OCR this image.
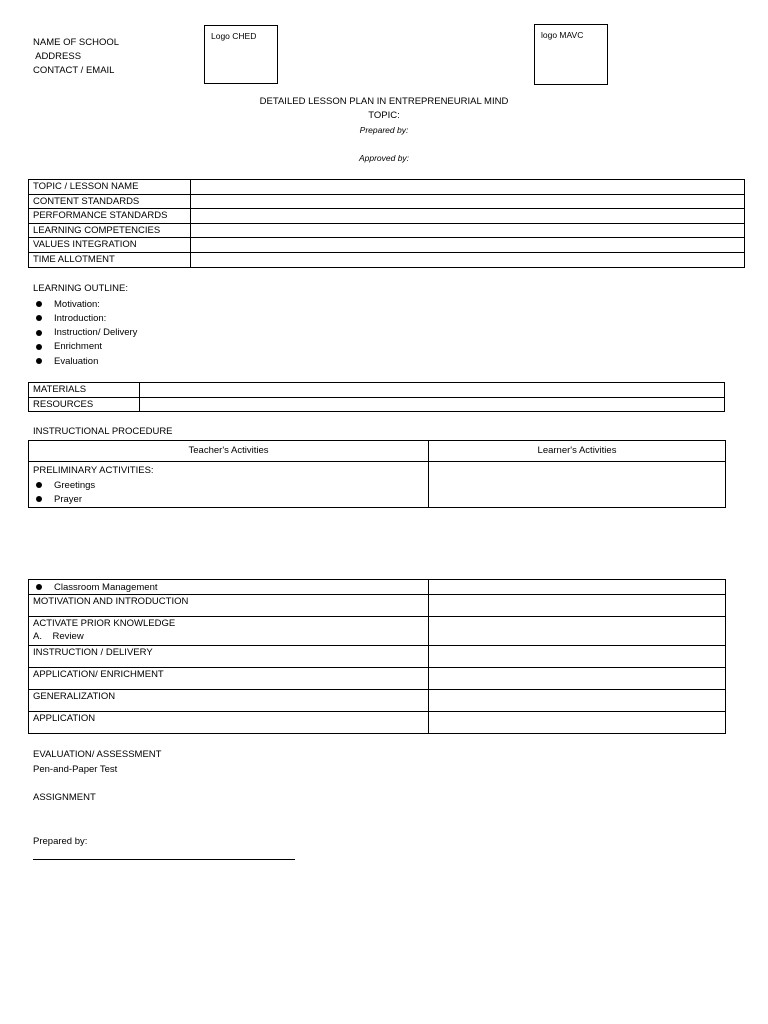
NAME OF SCHOOL
ADDRESS
CONTACT / EMAIL
Logo CHED	logo MAVC
DETAILED LESSON PLAN IN ENTREPRENEURIAL MIND
TOPIC:
Prepared by:
Approved by:
TOPIC / LESSON NAME	
CONTENT STANDARDS	
PERFORMANCE STANDARDS	
LEARNING COMPETENCIES	
VALUES INTEGRATION	
TIME ALLOTMENT	
LEARNING OUTLINE:
Motivation:
Introduction:
Instruction/ Delivery
Enrichment
Evaluation
MATERIALS	
RESOURCES	
INSTRUCTIONAL PROCEDURE
Teacher's Activities	Learner's Activities

PRELIMINARY ACTIVITIES:
Greetings
Prayer	

Classroom Management	

MOTIVATION AND INTRODUCTION	

ACTIVATE PRIOR KNOWLEDGE
A.    Review	

INSTRUCTION / DELIVERY	
APPLICATION/ ENRICHMENT	
GENERALIZATION	
APPLICATION	
EVALUATION/ ASSESSMENT
Pen-and-Paper Test
ASSIGNMENT
Prepared by:
